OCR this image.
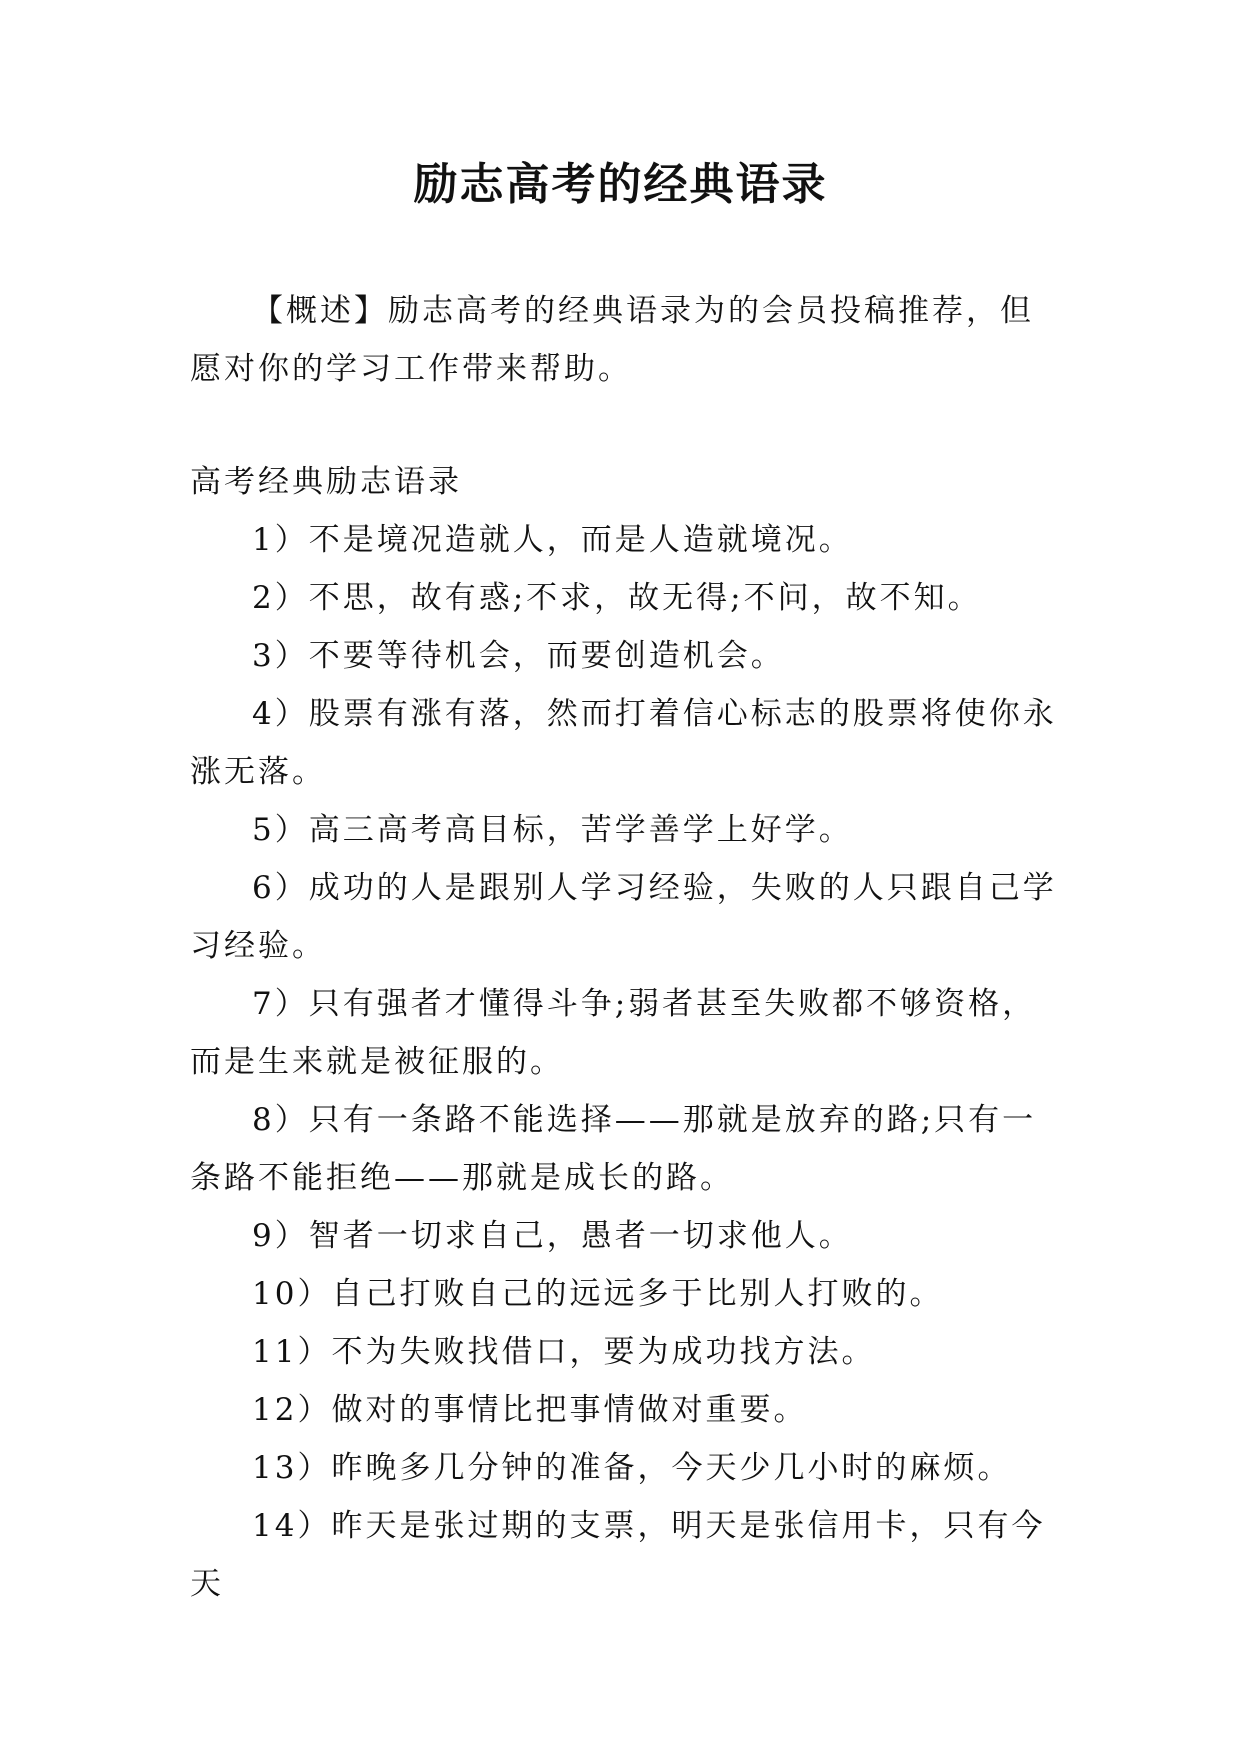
励志高考的经典语录

【概述】励志高考的经典语录为的会员投稿推荐，但愿对你的学习工作带来帮助。

高考经典励志语录

1）不是境况造就人，而是人造就境况。

2）不思，故有惑;不求，故无得;不问，故不知。

3）不要等待机会，而要创造机会。

4）股票有涨有落，然而打着信心标志的股票将使你永涨无落。

5）高三高考高目标，苦学善学上好学。

6）成功的人是跟别人学习经验，失败的人只跟自己学习经验。

7）只有强者才懂得斗争;弱者甚至失败都不够资格，而是生来就是被征服的。

8）只有一条路不能选择——那就是放弃的路;只有一条路不能拒绝——那就是成长的路。

9）智者一切求自己，愚者一切求他人。

10）自己打败自己的远远多于比别人打败的。

11）不为失败找借口，要为成功找方法。

12）做对的事情比把事情做对重要。

13）昨晚多几分钟的准备，今天少几小时的麻烦。

14）昨天是张过期的支票，明天是张信用卡，只有今天
